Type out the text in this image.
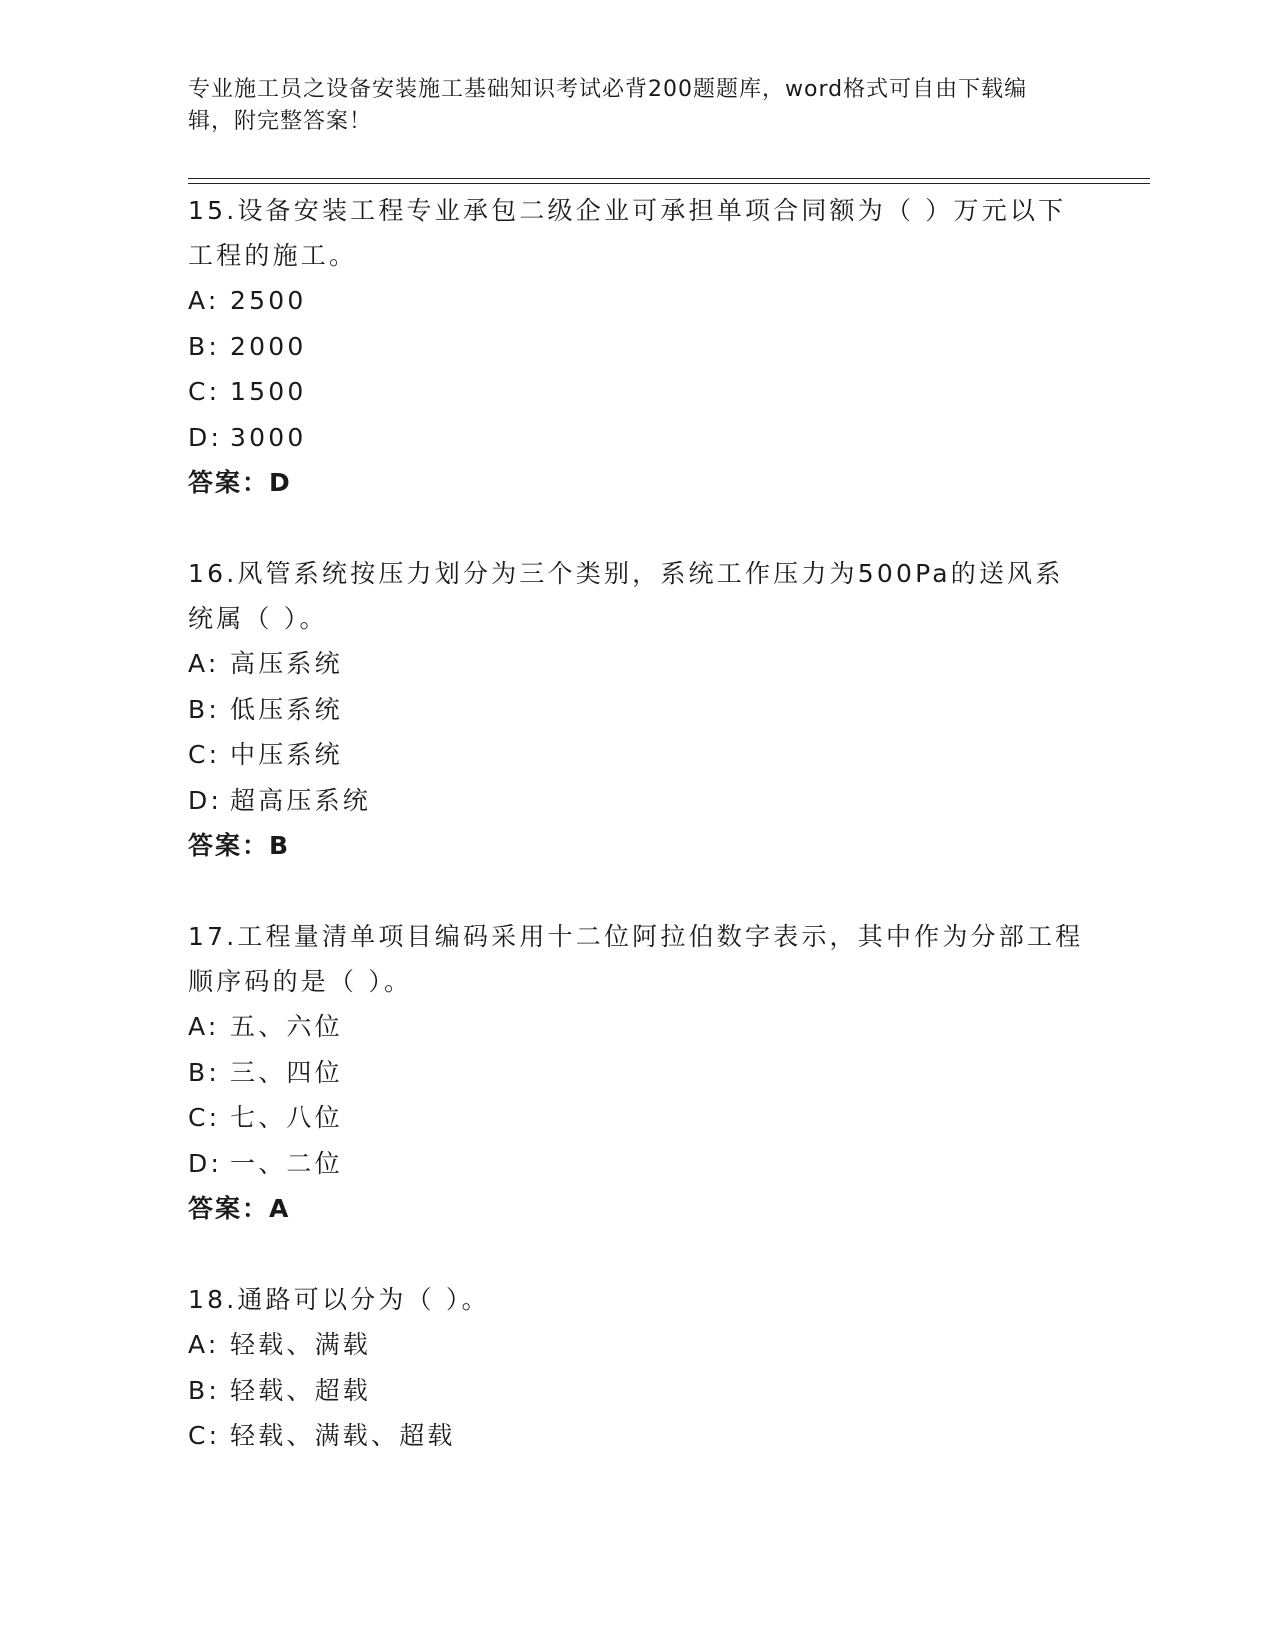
专业施工员之设备安装施工基础知识考试必背200题题库，word格式可自由下载编辑，附完整答案！

15.设备安装工程专业承包二级企业可承担单项合同额为（ ）万元以下工程的施工。

A: 2500
B: 2000
C: 1500
D: 3000
答案：D

16.风管系统按压力划分为三个类别，系统工作压力为500Pa的送风系统属（ ）。

A: 高压系统
B: 低压系统
C: 中压系统
D: 超高压系统
答案：B

17.工程量清单项目编码采用十二位阿拉伯数字表示，其中作为分部工程顺序码的是（ ）。

A: 五、六位
B: 三、四位
C: 七、八位
D: 一、二位
答案：A

18.通路可以分为（ ）。

A: 轻载、满载
B: 轻载、超载
C: 轻载、满载、超载
